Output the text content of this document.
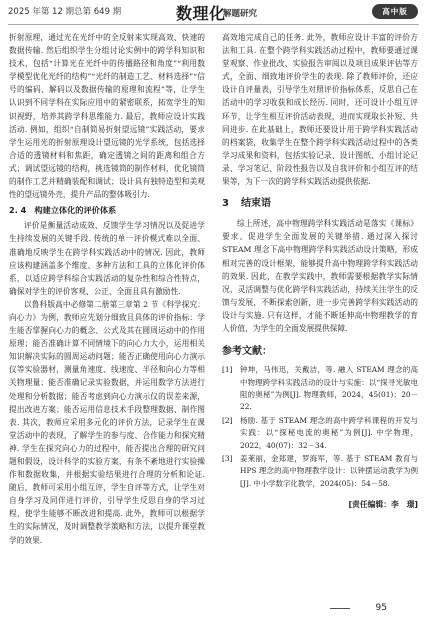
2025 年第 12 期总第 649 期	数理化
解题研究	高中版

折射原理，通过光在光纤中的全反射来实现高效、快速的数据传输. 然后组织学生分组讨论实例中的跨学科知识和技术，包括“计算光在光纤中的传播路径和角度”“利用数学模型优化光纤的结构”“光纤的制造工艺、材料选择”“信号的编码、解码以及数据传输的原理和流程”等，让学生认识到不同学科在实际应用中的紧密联系，拓宽学生的知识视野，培养其跨学科思维能力. 最后，教师应设计实践活动. 例如，组织“自制简易折射望远镜”实践活动，要求学生运用光的折射原理设计望远镜的光学系统，包括选择合适的透镜材料和焦距，确定透镜之间的距离和组合方式；调试望远镜的结构，挑选镜筒的制作材料，优化镜筒的制作工艺并精确装配和调试；设计具有独特造型和美观性的望远镜外壳，提升产品的整体吸引力.

2. 4 构建立体化的评价体系

评价是衡量活动成效、反馈学生学习情况以及促进学生持续发展的关键手段. 传统的单一评价模式难以全面、准确地反映学生在跨学科实践活动中的情况. 因此，教师应该构建涵盖多个维度、多种方法和工具的立体化评价体系，以适应跨学科综合实践活动的复杂性和综合性特点，确保对学生的评价客观、公正、全面且具有激励性.

以鲁科版高中必修第二册第三章第 2 节《科学探究：向心力》为例，教师应先划分细致且具体的评价指标：学生能否掌握向心力的概念、公式及其在圆周运动中的作用原理；能否准确计算不同情境下的向心力大小，运用相关知识解决实际的圆周运动问题；能否正确使用向心力演示仪等实验器材，测量角速度、线速度、半径和向心力等相关物理量；能否准确记录实验数据，并运用数学方法进行处理和分析数据；能否考虑到向心力演示仪的误差来源，提出改进方案；能否运用信息技术手段整理数据、制作图表. 其次，教师应采用多元化的评价方法，记录学生在课堂活动中的表现，了解学生的参与度、合作能力和探究精神. 学生在探究向心力的过程中，能否提出合理的研究问题和假设，设计科学的实验方案，有条不紊地进行实验操作和数据收集，并根据实验结果进行合理的分析和论证. 随后，教师可采用小组互评，学生自评等方式，让学生对自身学习及同伴进行评价，引导学生反思自身的学习过程，使学生能够不断改进和提高. 此外，教师可以根据学生的实际情况，及时调整教学策略和方法，以提升课堂教学的效果.

高效地完成自己的任务. 此外，教师应设计丰富的评价方法和工具. 在整个跨学科实践活动过程中，教师要通过课堂观察、作业批改、实验报告审阅以及项目成果评估等方式，全面、细致地评价学生的表现. 除了教师评价，还应设计自评量表，引导学生对照评价指标体系，反思自己在活动中的学习收获和成长经历. 同时，还可设计小组互评环节，让学生相互评价活动表现，进而实现取长补短、共同进步. 在此基础上，教师还要设计用于跨学科实践活动的档案袋，收集学生在整个跨学科实践活动过程中的各类学习成果和资料，包括实验记录、设计图纸、小组讨论记录、学习笔记、阶段性报告以及自我评价和小组互评的结果等，为下一次的跨学科实践活动提供依据.

3 结束语

综上所述，高中物理跨学科实践活动是落实《课标》要求、促进学生全面发展的关键举措. 通过深入探讨 STEAM 理念下高中物理跨学科实践活动设计策略，形成相对完善的设计框架，能够提升高中物理跨学科实践活动的效果. 因此，在教学实践中，教师需要根据教学实际情况，灵活调整与优化跨学科实践活动，持续关注学生的反馈与发展，不断探索创新，进一步完善跨学科实践活动的设计与实施. 只有这样，才能不断延伸高中物理教学的育人价值，为学生的全面发展提供保障.

参考文献：
[1]	钟坤，马伟迅，关戴洁，等. 融入 STEAM 理念的高中物理跨学科实践活动的设计与实施：以“探寻光敏电阻的奥秘”为例[J]. 物理教师，2024，45(01)：20－22.
[2]	杨励. 基于 STEAM 理念的高中跨学科课程的开发与实践：以“探秘电流的奥秘”为例[J]. 中学物理，2022，40(07)：32－34.
[3]	姜莱丽，金郑建，罗海军，等. 基于 STEAM 教育与 HPS 理念的高中物理教学设计：以钟摆运动教学为例[J]. 中小学数字化教学，2024(05)：54－58.
[责任编辑：李　璟]
95
